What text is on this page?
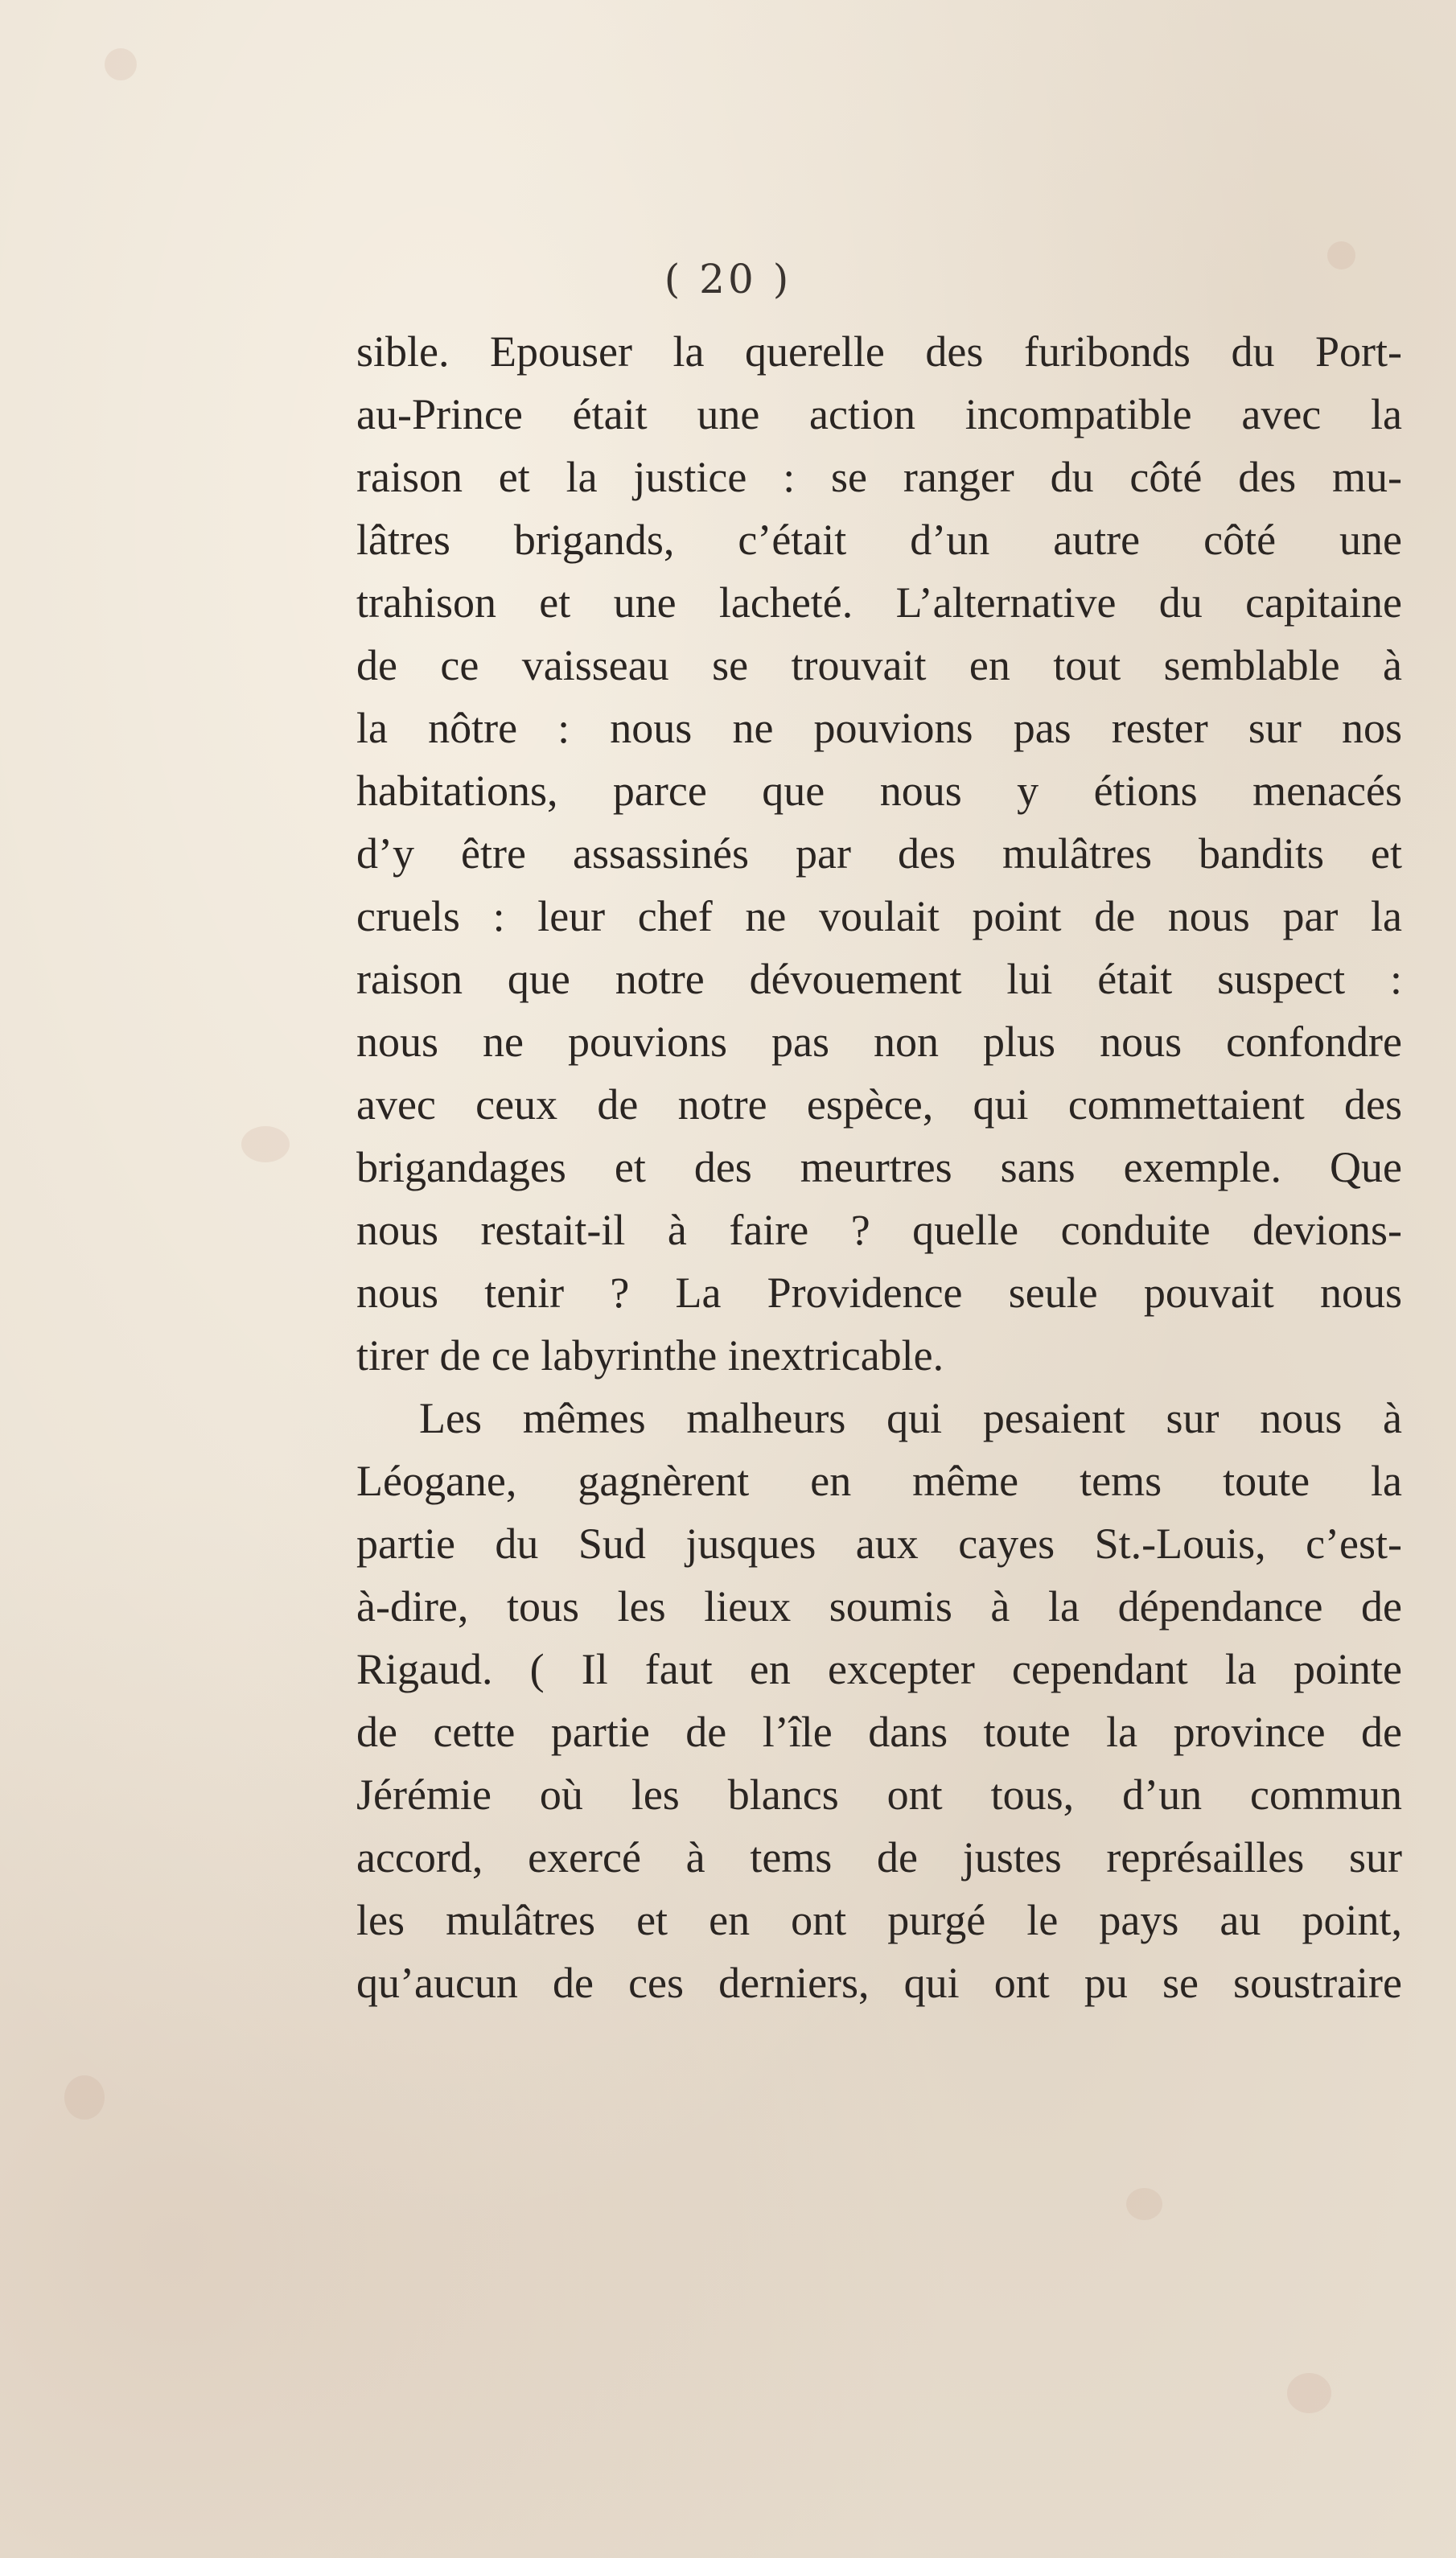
( 20 )
sible. Epouser la querelle des furibonds du Port-
au-Prince était une action incompatible avec la
raison et la justice : se ranger du côté des mu-
lâtres brigands, c’était d’un autre côté une
trahison et une lacheté. L’alternative du capitaine
de ce vaisseau se trouvait en tout semblable à
la nôtre : nous ne pouvions pas rester sur nos
habitations, parce que nous y étions menacés
d’y être assassinés par des mulâtres bandits et
cruels : leur chef ne voulait point de nous par la
raison que notre dévouement lui était suspect :
nous ne pouvions pas non plus nous confondre
avec ceux de notre espèce, qui commettaient des
brigandages et des meurtres sans exemple. Que
nous restait-il à faire ? quelle conduite devions-
nous tenir ? La Providence seule pouvait nous
tirer de ce labyrinthe inextricable.
Les mêmes malheurs qui pesaient sur nous à
Léogane, gagnèrent en même tems toute la
partie du Sud jusques aux cayes St.-Louis, c’est-
à-dire, tous les lieux soumis à la dépendance de
Rigaud. ( Il faut en excepter cependant la pointe
de cette partie de l’île dans toute la province de
Jérémie où les blancs ont tous, d’un commun
accord, exercé à tems de justes représailles sur
les mulâtres et en ont purgé le pays au point,
qu’aucun de ces derniers, qui ont pu se soustraire
